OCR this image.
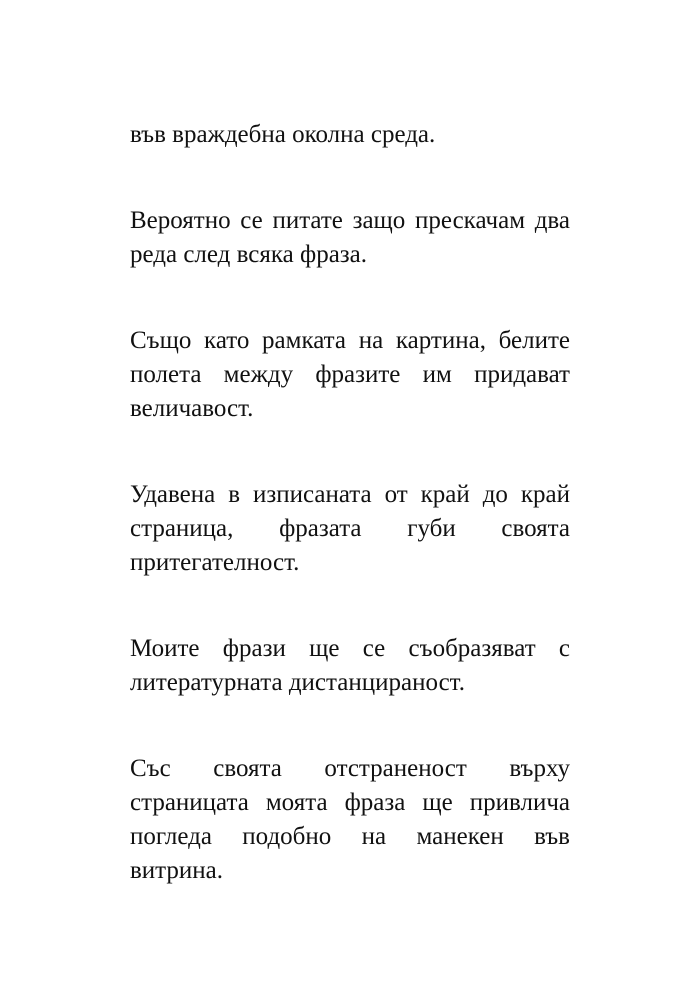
във враждебна околна среда.

Вероятно се питате защо прескачам два реда след всяка фраза.

Също като рамката на картина, белите полета между фразите им придават величавост.

Удавена в изписаната от край до край страница, фразата губи своята притегателност.

Моите фрази ще се съобразяват с литературната дистанцираност.

Със своята отстраненост върху страницата моята фраза ще привлича погледа подобно на манекен във витрина.
